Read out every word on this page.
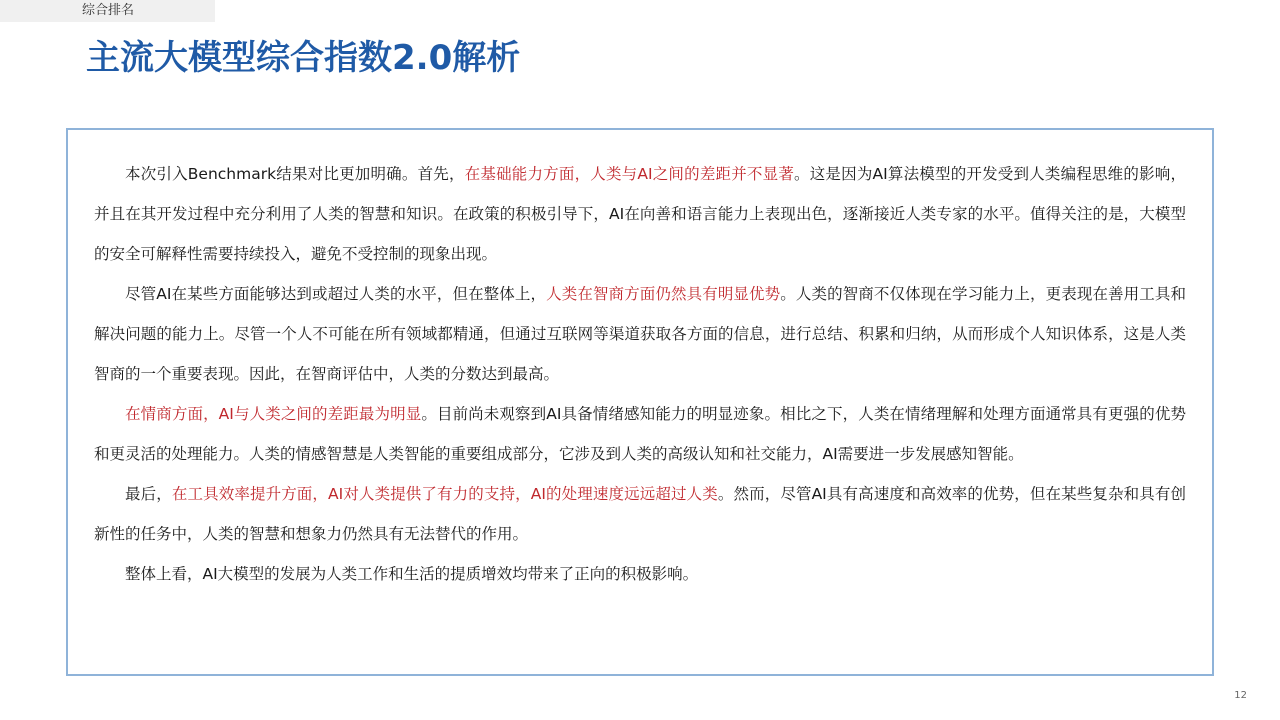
综合排名
主流大模型综合指数2.0解析

本次引入Benchmark结果对比更加明确。首先，在基础能力方面，人类与AI之间的差距并不显著。这是因为AI算法模型的开发受到人类编程思维的影响，并且在其开发过程中充分利用了人类的智慧和知识。在政策的积极引导下，AI在向善和语言能力上表现出色，逐渐接近人类专家的水平。值得关注的是，大模型的安全可解释性需要持续投入，避免不受控制的现象出现。

尽管AI在某些方面能够达到或超过人类的水平，但在整体上，人类在智商方面仍然具有明显优势。人类的智商不仅体现在学习能力上，更表现在善用工具和解决问题的能力上。尽管一个人不可能在所有领域都精通，但通过互联网等渠道获取各方面的信息，进行总结、积累和归纳，从而形成个人知识体系，这是人类智商的一个重要表现。因此，在智商评估中，人类的分数达到最高。

在情商方面，AI与人类之间的差距最为明显。目前尚未观察到AI具备情绪感知能力的明显迹象。相比之下，人类在情绪理解和处理方面通常具有更强的优势和更灵活的处理能力。人类的情感智慧是人类智能的重要组成部分，它涉及到人类的高级认知和社交能力，AI需要进一步发展感知智能。

最后，在工具效率提升方面，AI对人类提供了有力的支持，AI的处理速度远远超过人类。然而，尽管AI具有高速度和高效率的优势，但在某些复杂和具有创新性的任务中，人类的智慧和想象力仍然具有无法替代的作用。

整体上看，AI大模型的发展为人类工作和生活的提质增效均带来了正向的积极影响。

12
